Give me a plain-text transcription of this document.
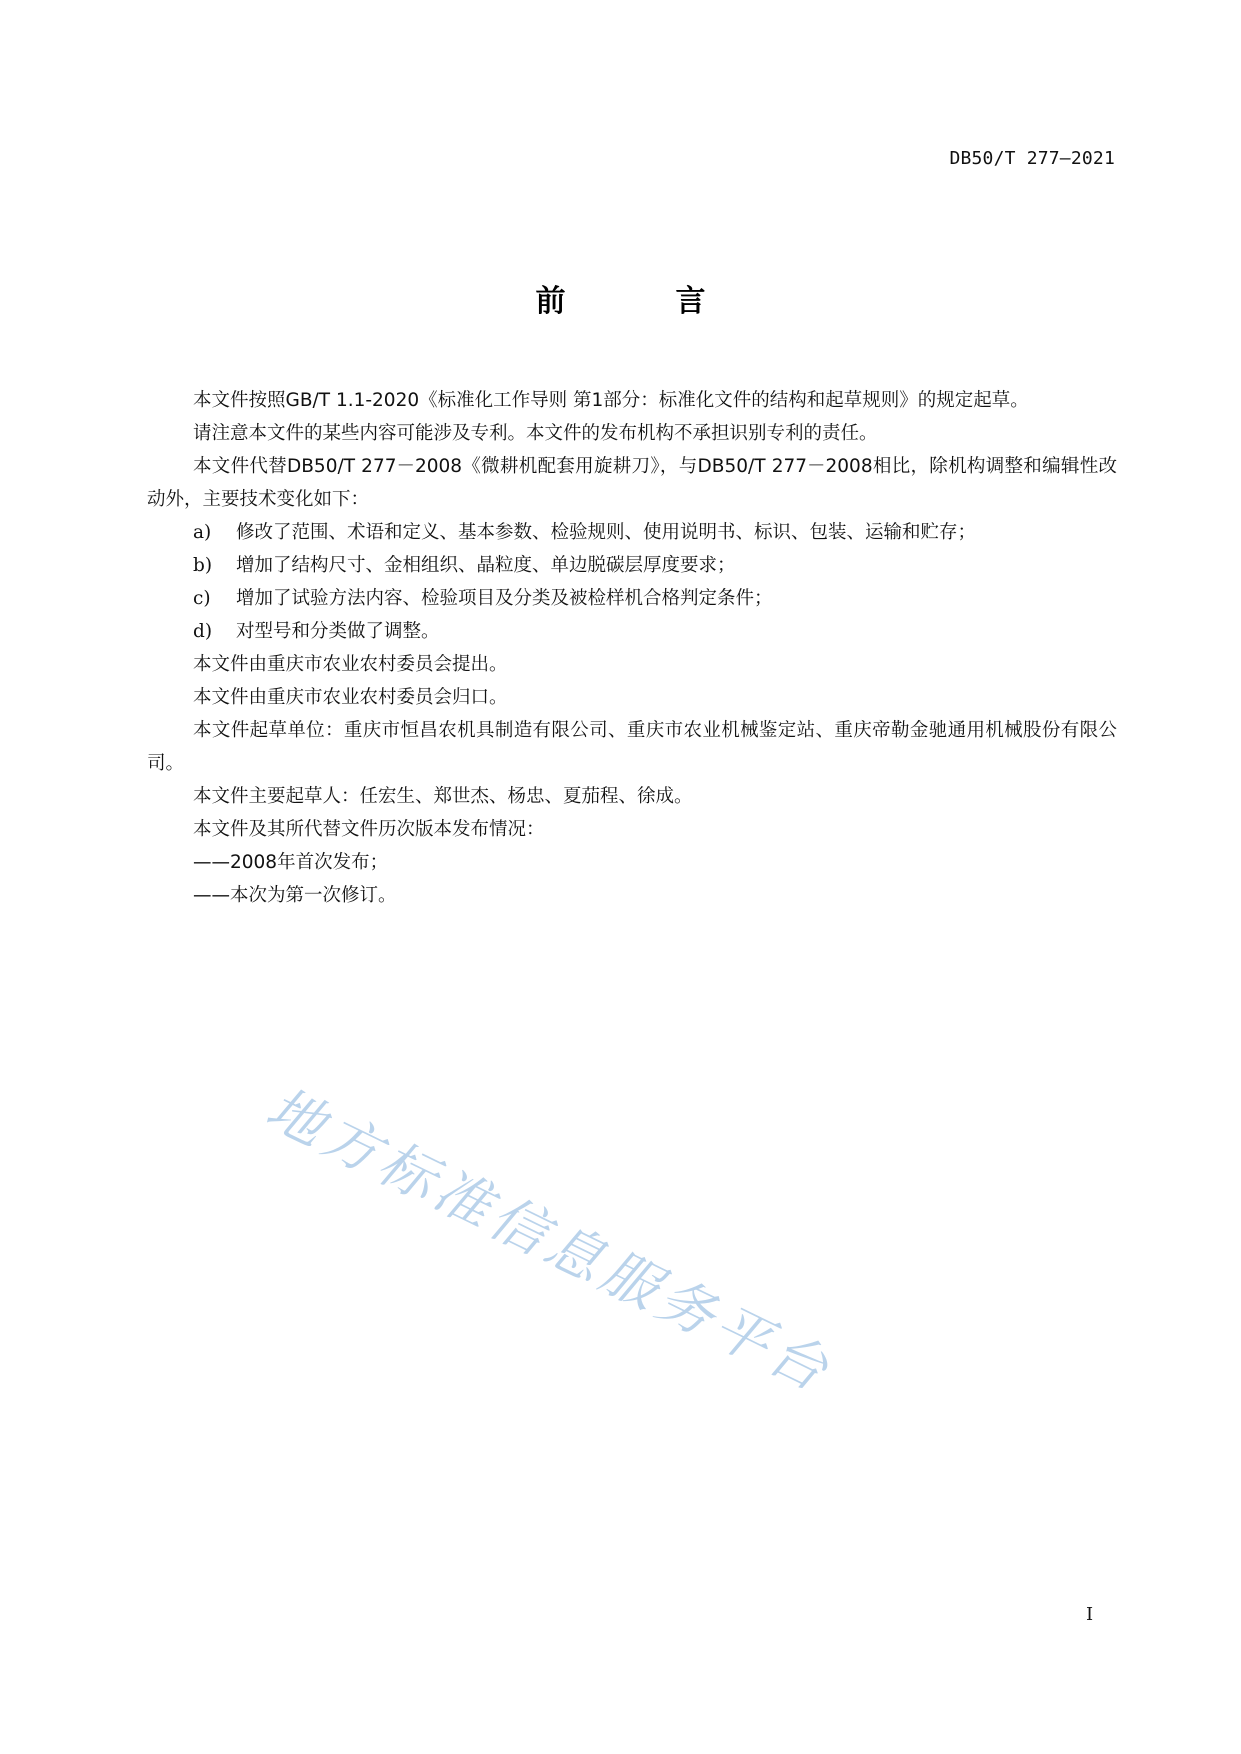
DB50/T 277—2021
前　言

本文件按照GB/T 1.1-2020《标准化工作导则 第1部分：标准化文件的结构和起草规则》的规定起草。

请注意本文件的某些内容可能涉及专利。本文件的发布机构不承担识别专利的责任。

本文件代替DB50/T 277－2008《微耕机配套用旋耕刀》，与DB50/T 277－2008相比，除机构调整和编辑性改动外，主要技术变化如下：

a)	修改了范围、术语和定义、基本参数、检验规则、使用说明书、标识、包装、运输和贮存；

b)	增加了结构尺寸、金相组织、晶粒度、单边脱碳层厚度要求；

c)	增加了试验方法内容、检验项目及分类及被检样机合格判定条件；

d)	对型号和分类做了调整。

本文件由重庆市农业农村委员会提出。

本文件由重庆市农业农村委员会归口。

本文件起草单位：重庆市恒昌农机具制造有限公司、重庆市农业机械鉴定站、重庆帝勒金驰通用机械股份有限公司。

本文件主要起草人：任宏生、郑世杰、杨忠、夏茄程、徐成。

本文件及其所代替文件历次版本发布情况：

——2008年首次发布；

——本次为第一次修订。

地方标准信息服务平台
I
